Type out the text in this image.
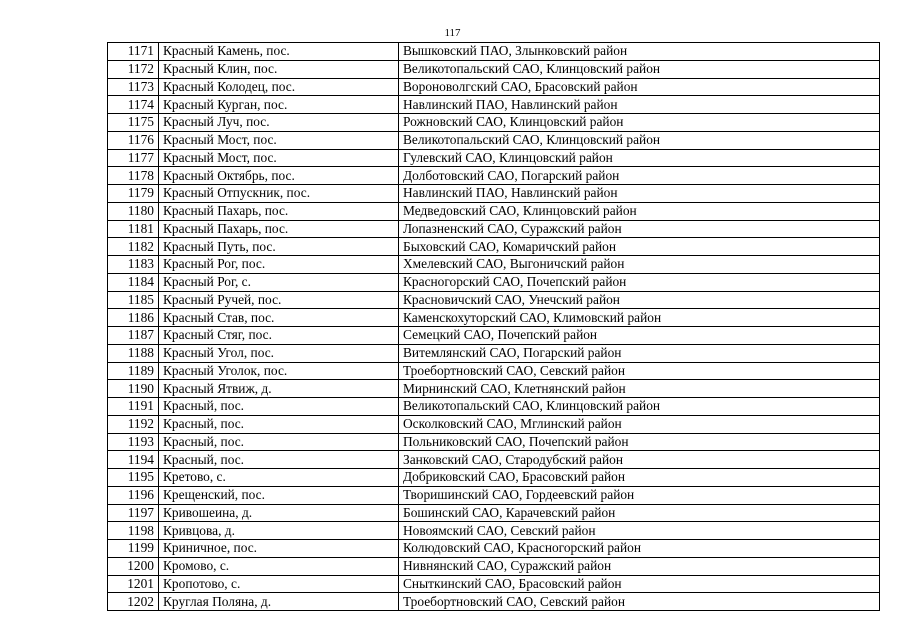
117
1171	Красный Камень, пос.	Вышковский ПАО, Злынковский район
1172	Красный Клин, пос.	Великотопальский САО, Клинцовский район
1173	Красный Колодец, пос.	Вороноволгский САО, Брасовский район
1174	Красный Курган, пос.	Навлинский ПАО, Навлинский район
1175	Красный Луч, пос.	Рожновский САО, Клинцовский район
1176	Красный Мост, пос.	Великотопальский САО, Клинцовский район
1177	Красный Мост, пос.	Гулевский САО, Клинцовский район
1178	Красный Октябрь, пос.	Долботовский САО, Погарский район
1179	Красный Отпускник, пос.	Навлинский ПАО, Навлинский район
1180	Красный Пахарь, пос.	Медведовский САО, Клинцовский район
1181	Красный Пахарь, пос.	Лопазненский САО, Суражский район
1182	Красный Путь, пос.	Быховский САО, Комаричский район
1183	Красный Рог, пос.	Хмелевский САО, Выгоничский район
1184	Красный Рог, с.	Красногорский САО, Почепский район
1185	Красный Ручей, пос.	Красновичский САО, Унечский район
1186	Красный Став, пос.	Каменскохуторский САО, Климовский район
1187	Красный Стяг, пос.	Семецкий САО, Почепский район
1188	Красный Угол, пос.	Витемлянский САО, Погарский район
1189	Красный Уголок, пос.	Троебортновский САО, Севский район
1190	Красный Ятвиж, д.	Мирнинский САО, Клетнянский район
1191	Красный, пос.	Великотопальский САО, Клинцовский район
1192	Красный, пос.	Осколковский САО, Мглинский район
1193	Красный, пос.	Польниковский САО, Почепский район
1194	Красный, пос.	Занковский САО, Стародубский район
1195	Кретово, с.	Добриковский САО, Брасовский район
1196	Крещенский, пос.	Творишинский САО, Гордеевский район
1197	Кривошеина, д.	Бошинский САО, Карачевский район
1198	Кривцова, д.	Новоямский САО, Севский район
1199	Криничное, пос.	Колюдовский САО, Красногорский район
1200	Кромово, с.	Нивнянский САО, Суражский район
1201	Кропотово, с.	Сныткинский САО, Брасовский район
1202	Круглая Поляна, д.	Троебортновский САО, Севский район
